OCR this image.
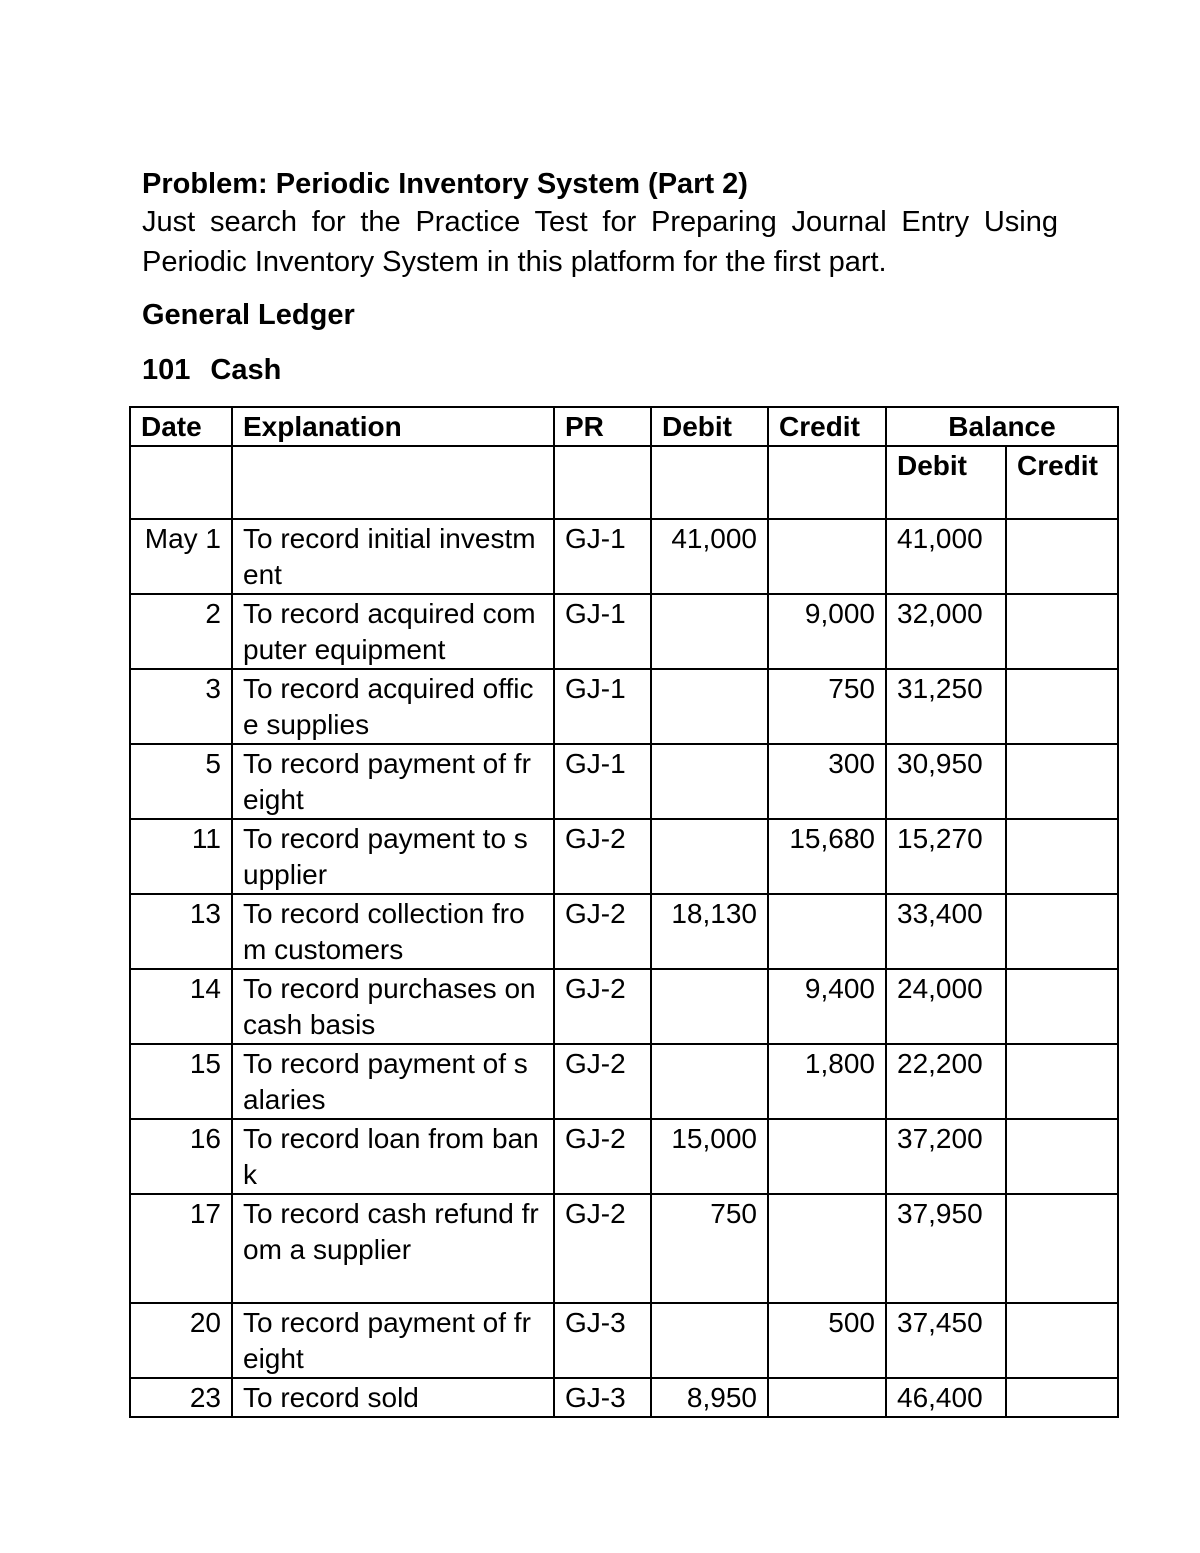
Problem: Periodic Inventory System (Part 2)

Just search for the Practice Test for Preparing Journal Entry Using Periodic Inventory System in this platform for the first part.

General Ledger

101 Cash

Date	Explanation	PR	Debit	Credit	Balance	
					Debit	Credit
May 1	To record initial investment	GJ-1	41,000		41,000	
2	To record acquired computer equipment	GJ-1		9,000	32,000	
3	To record acquired office supplies	GJ-1		750	31,250	
5	To record payment of freight	GJ-1		300	30,950	
11	To record payment to supplier	GJ-2		15,680	15,270	
13	To record collection from customers	GJ-2	18,130		33,400	
14	To record purchases on cash basis	GJ-2		9,400	24,000	
15	To record payment of salaries	GJ-2		1,800	22,200	
16	To record loan from bank	GJ-2	15,000		37,200	
17	To record cash refund from a supplier	GJ-2	750		37,950	
20	To record payment of freight	GJ-3		500	37,450	
23	To record sold	GJ-3	8,950		46,400	
